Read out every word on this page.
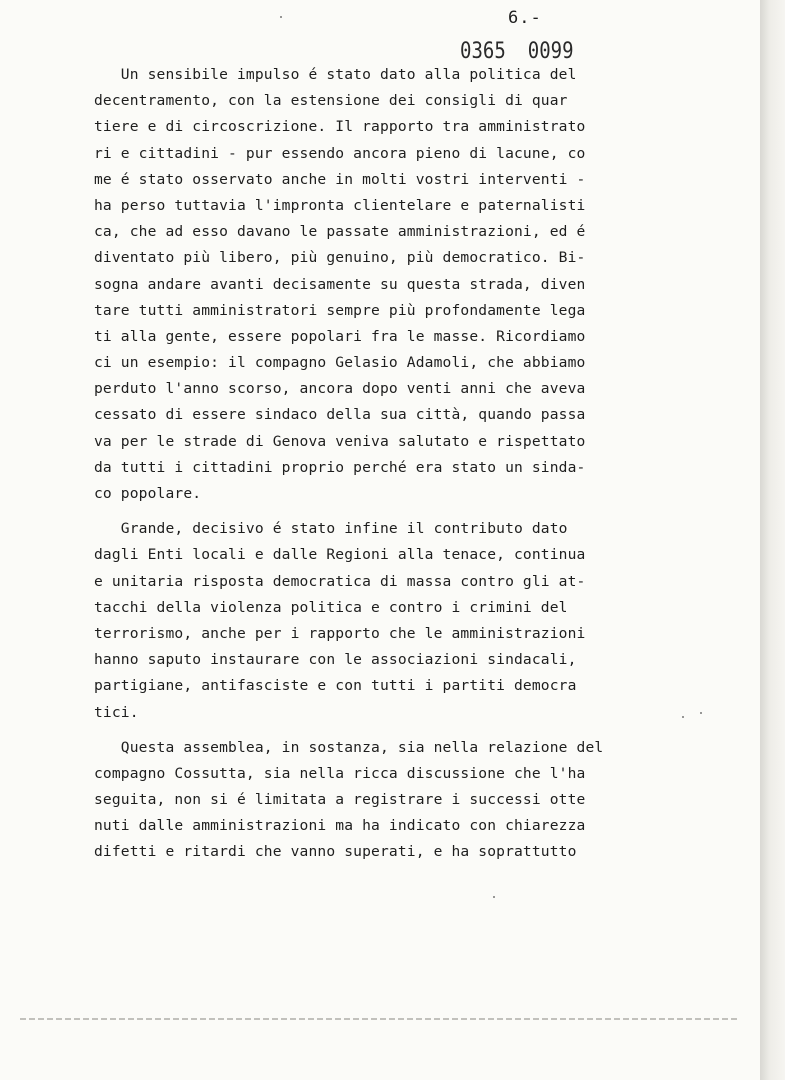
6.-
0365 0099
Un sensibile impulso é stato dato alla politica del
decentramento, con la estensione dei consigli di quar
tiere e di circoscrizione. Il rapporto tra amministrato
ri e cittadini - pur essendo ancora pieno di lacune, co
me é stato osservato anche in molti vostri interventi -
ha perso tuttavia l'impronta clientelare e paternalisti
ca, che ad esso davano le passate amministrazioni, ed é
diventato più libero, più genuino, più democratico. Bi-
sogna andare avanti decisamente su questa strada, diven
tare tutti amministratori sempre più profondamente lega
ti alla gente, essere popolari fra le masse. Ricordiamo
ci un esempio: il compagno Gelasio Adamoli, che abbiamo
perduto l'anno scorso, ancora dopo venti anni che aveva
cessato di essere sindaco della sua città, quando passa
va per le strade di Genova veniva salutato e rispettato
da tutti i cittadini proprio perché era stato un sinda-
co popolare.
Grande, decisivo é stato infine il contributo dato
dagli Enti locali e dalle Regioni alla tenace, continua
e unitaria risposta democratica di massa contro gli at-
tacchi della violenza politica e contro i crimini del
terrorismo, anche per i rapporto che le amministrazioni
hanno saputo instaurare con le associazioni sindacali,
partigiane, antifasciste e con tutti i partiti democra
tici.
Questa assemblea, in sostanza, sia nella relazione del
compagno Cossutta, sia nella ricca discussione che l'ha
seguita, non si é limitata a registrare i successi otte
nuti dalle amministrazioni ma ha indicato con chiarezza
difetti e ritardi che vanno superati, e ha soprattutto
